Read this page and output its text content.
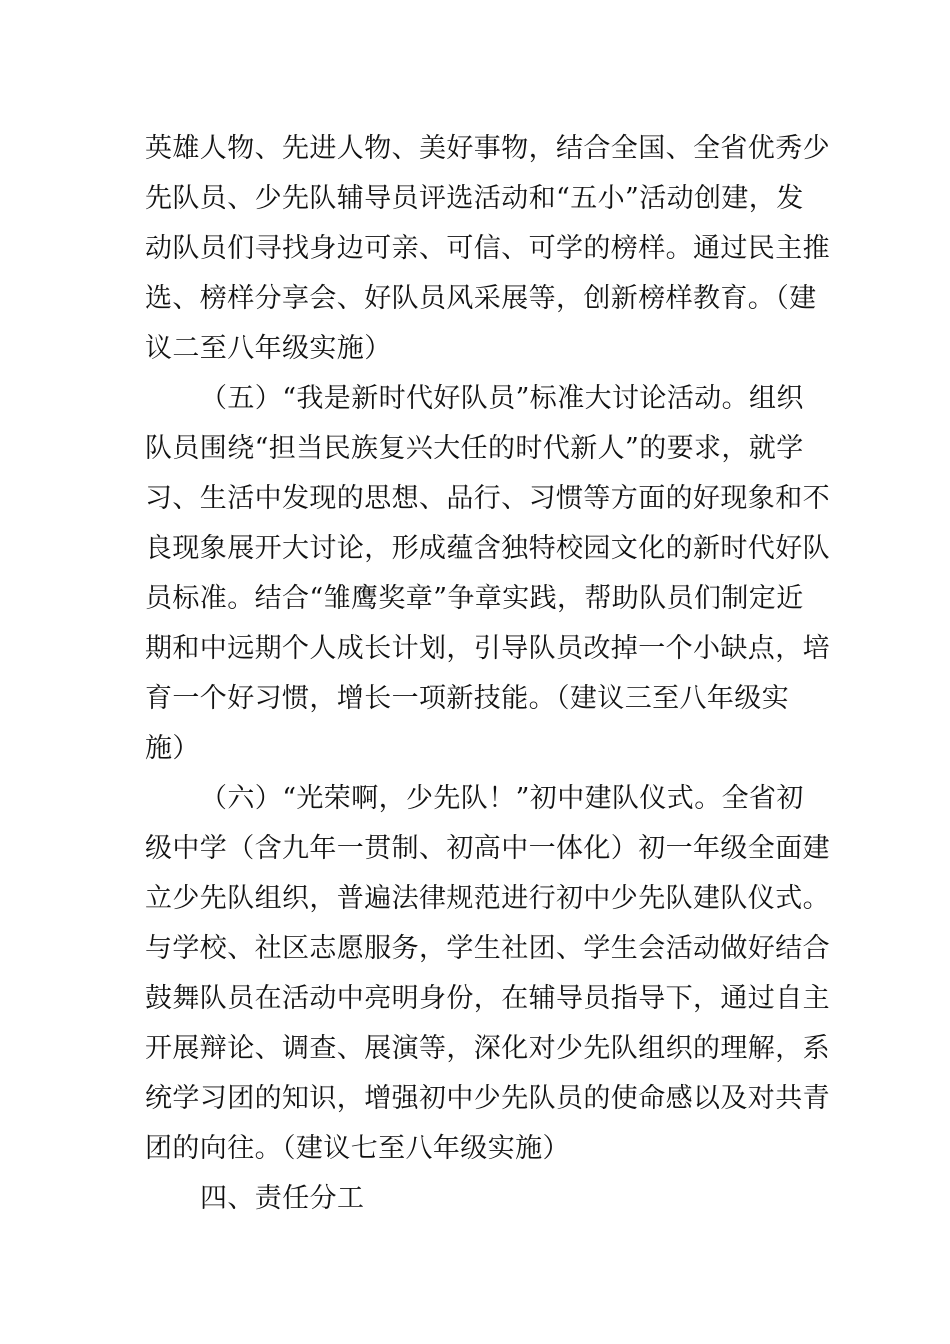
英雄人物、先进人物、美好事物，结合全国、全省优秀少
先队员、少先队辅导员评选活动和“五小”活动创建，发
动队员们寻找身边可亲、可信、可学的榜样。通过民主推
选、榜样分享会、好队员风采展等，创新榜样教育。（建
议二至八年级实施）
（五）“我是新时代好队员”标准大讨论活动。组织
队员围绕“担当民族复兴大任的时代新人”的要求，就学
习、生活中发现的思想、品行、习惯等方面的好现象和不
良现象展开大讨论，形成蕴含独特校园文化的新时代好队
员标准。结合“雏鹰奖章”争章实践，帮助队员们制定近
期和中远期个人成长计划，引导队员改掉一个小缺点，培
育一个好习惯，增长一项新技能。（建议三至八年级实
施）
（六）“光荣啊，少先队！”初中建队仪式。全省初
级中学（含九年一贯制、初高中一体化）初一年级全面建
立少先队组织，普遍法律规范进行初中少先队建队仪式。
与学校、社区志愿服务，学生社团、学生会活动做好结合
鼓舞队员在活动中亮明身份，在辅导员指导下，通过自主
开展辩论、调查、展演等，深化对少先队组织的理解，系
统学习团的知识，增强初中少先队员的使命感以及对共青
团的向往。（建议七至八年级实施）
四、责任分工
